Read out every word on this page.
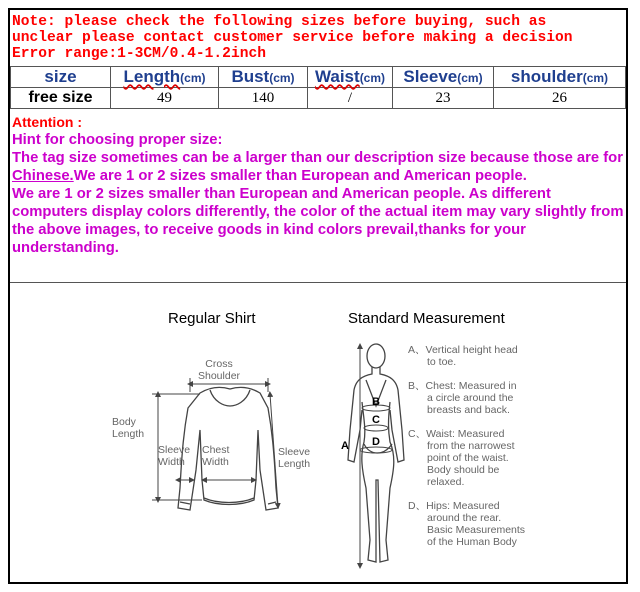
Note: please check the following sizes before buying, such as
unclear please contact customer service before making a decision
Error range:1-3CM/0.4-1.2inch
size	Length(cm)	Bust(cm)	Waist(cm)	Sleeve(cm)	shoulder(cm)
free size	49	140	/	23	26
Attention :
Hint for choosing proper size:
The tag size sometimes can be a larger than our description size because those are for Chinese.We are 1 or 2 sizes smaller than European and American people.
We are 1 or 2 sizes smaller than European and American people. As different computers display colors differently, the color of the actual item may vary slightly from the above images, to receive goods in kind colors prevail,thanks for your understanding.
Regular Shirt	Standard Measurement
Cross
Shoulder
Body
Length
Sleeve
Width
Chest
Width
Sleeve
Length
A
B
C
D
A、Vertical height head
to toe.
B、Chest: Measured in
a circle around the
breasts and back.
C、Waist: Measured
from the narrowest
point of the waist.
Body should be
relaxed.
D、Hips: Measured
around the rear.
Basic Measurements
of the Human Body
